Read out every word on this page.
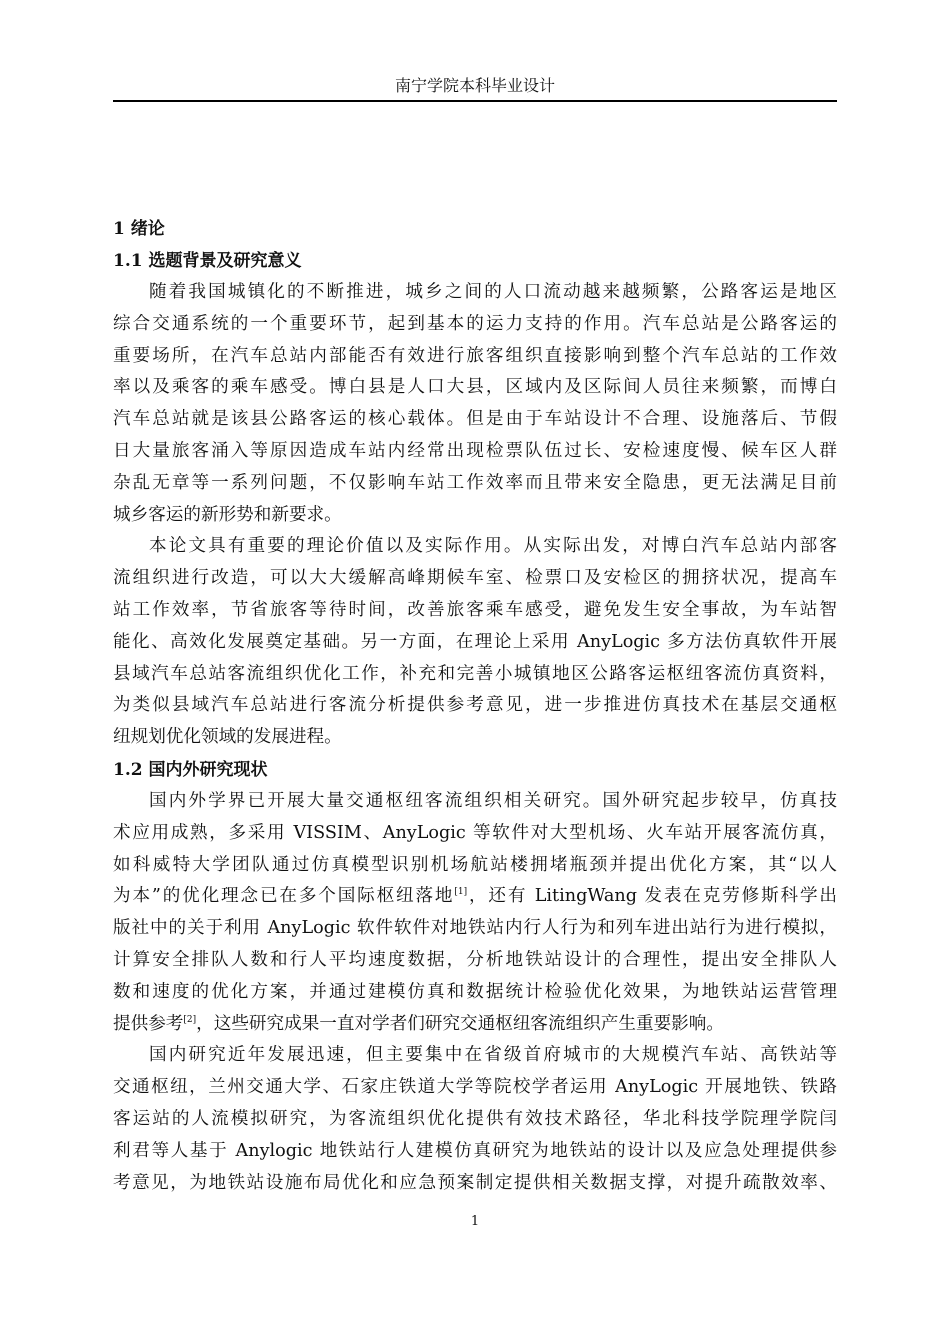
南宁学院本科毕业设计
1 绪论
1.1 选题背景及研究意义
随着我国城镇化的不断推进，城乡之间的人口流动越来越频繁，公路客运是地区
综合交通系统的一个重要环节，起到基本的运力支持的作用。汽车总站是公路客运的
重要场所，在汽车总站内部能否有效进行旅客组织直接影响到整个汽车总站的工作效
率以及乘客的乘车感受。博白县是人口大县，区域内及区际间人员往来频繁，而博白
汽车总站就是该县公路客运的核心载体。但是由于车站设计不合理、设施落后、节假
日大量旅客涌入等原因造成车站内经常出现检票队伍过长、安检速度慢、候车区人群
杂乱无章等一系列问题，不仅影响车站工作效率而且带来安全隐患，更无法满足目前
城乡客运的新形势和新要求。
本论文具有重要的理论价值以及实际作用。从实际出发，对博白汽车总站内部客
流组织进行改造，可以大大缓解高峰期候车室、检票口及安检区的拥挤状况，提高车
站工作效率，节省旅客等待时间，改善旅客乘车感受，避免发生安全事故，为车站智
能化、高效化发展奠定基础。另一方面，在理论上采用 AnyLogic 多方法仿真软件开展
县域汽车总站客流组织优化工作，补充和完善小城镇地区公路客运枢纽客流仿真资料，
为类似县域汽车总站进行客流分析提供参考意见，进一步推进仿真技术在基层交通枢
纽规划优化领域的发展进程。
1.2 国内外研究现状
国内外学界已开展大量交通枢纽客流组织相关研究。国外研究起步较早，仿真技
术应用成熟，多采用 VISSIM、AnyLogic 等软件对大型机场、火车站开展客流仿真，
如科威特大学团队通过仿真模型识别机场航站楼拥堵瓶颈并提出优化方案，其“以人
为本”的优化理念已在多个国际枢纽落地[1]，还有 LitingWang 发表在克劳修斯科学出
版社中的关于利用 AnyLogic 软件软件对地铁站内行人行为和列车进出站行为进行模拟，
计算安全排队人数和行人平均速度数据，分析地铁站设计的合理性，提出安全排队人
数和速度的优化方案，并通过建模仿真和数据统计检验优化效果，为地铁站运营管理
提供参考[2]，这些研究成果一直对学者们研究交通枢纽客流组织产生重要影响。
国内研究近年发展迅速，但主要集中在省级首府城市的大规模汽车站、高铁站等
交通枢纽，兰州交通大学、石家庄铁道大学等院校学者运用 AnyLogic 开展地铁、铁路
客运站的人流模拟研究，为客流组织优化提供有效技术路径，华北科技学院理学院闫
利君等人基于 Anylogic 地铁站行人建模仿真研究为地铁站的设计以及应急处理提供参
考意见，为地铁站设施布局优化和应急预案制定提供相关数据支撑，对提升疏散效率、
1
